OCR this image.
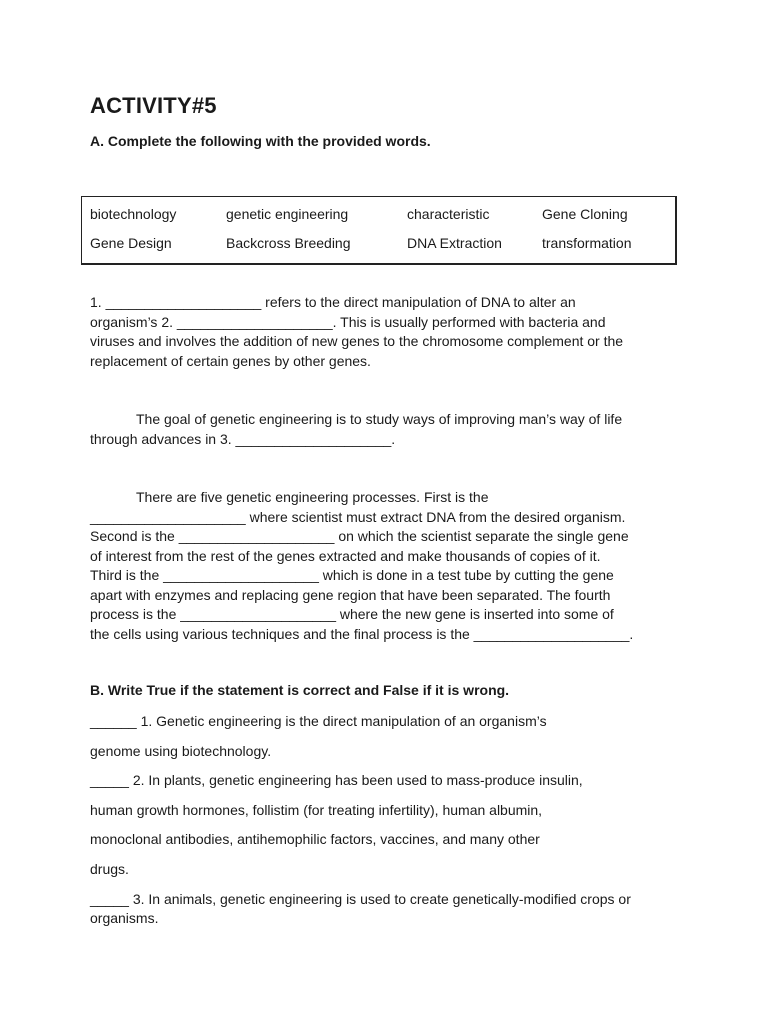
ACTIVITY#5

A. Complete the following with the provided words.

biotechnology	genetic engineering	characteristic	Gene Cloning
Gene Design	Backcross Breeding	DNA Extraction	transformation

1. ____________________ refers to the direct manipulation of DNA to alter an
organism’s 2. ____________________. This is usually performed with bacteria and
viruses and involves the addition of new genes to the chromosome complement or the
replacement of certain genes by other genes.

The goal of genetic engineering is to study ways of improving man’s way of life
through advances in 3. ____________________.

There are five genetic engineering processes. First is the
____________________ where scientist must extract DNA from the desired organism.
Second is the ____________________ on which the scientist separate the single gene
of interest from the rest of the genes extracted and make thousands of copies of it.
Third is the ____________________ which is done in a test tube by cutting the gene
apart with enzymes and replacing gene region that have been separated. The fourth
process is the ____________________ where the new gene is inserted into some of
the cells using various techniques and the final process is the ____________________.

B. Write True if the statement is correct and False if it is wrong.

______ 1. Genetic engineering is the direct manipulation of an organism’s

genome using biotechnology.

_____ 2. In plants, genetic engineering has been used to mass-produce insulin,

human growth hormones, follistim (for treating infertility), human albumin,

monoclonal antibodies, antihemophilic factors, vaccines, and many other

drugs.

_____ 3. In animals, genetic engineering is used to create genetically-modified crops or

organisms.
